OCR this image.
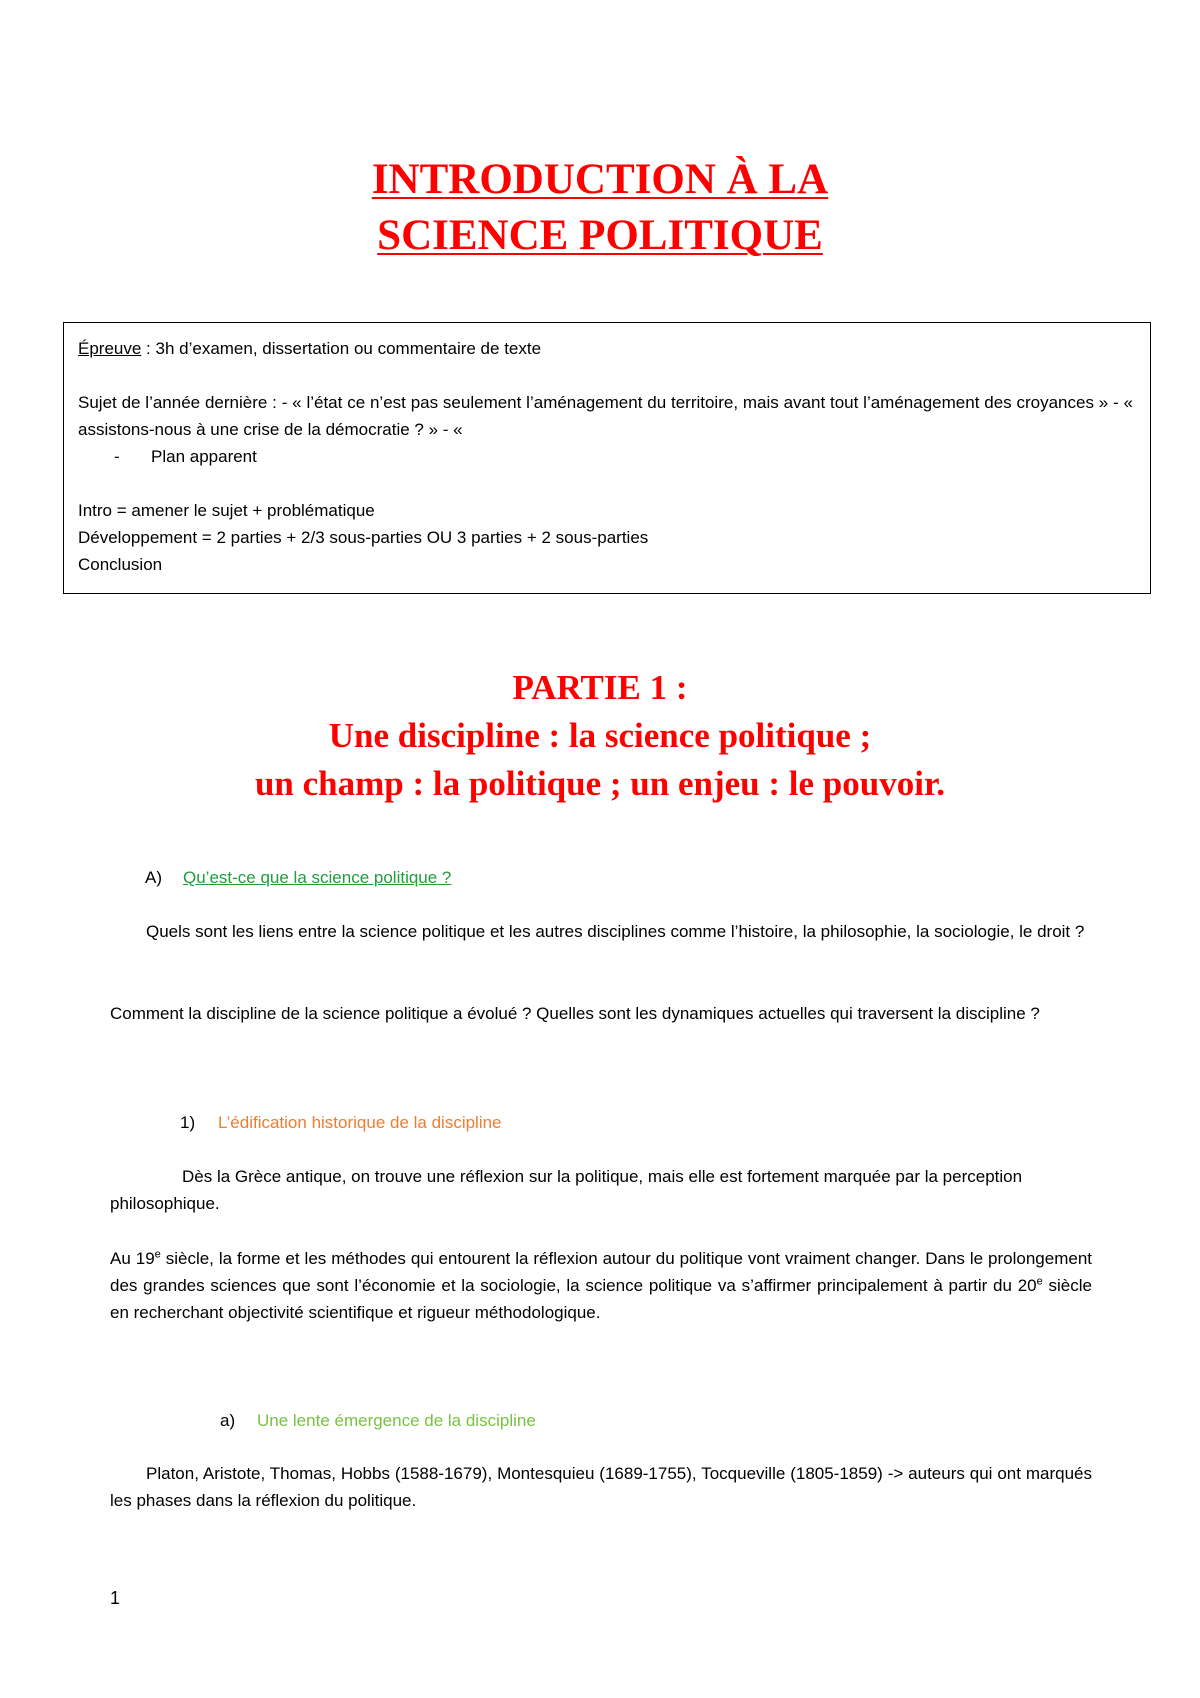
INTRODUCTION À LA
SCIENCE POLITIQUE

Épreuve : 3h d’examen, dissertation ou commentaire de texte

Sujet de l’année dernière : - « l’état ce n’est pas seulement l’aménagement du territoire, mais avant tout l’aménagement des croyances » - « assistons-nous à une crise de la démocratie ? » - «

- Plan apparent

Intro = amener le sujet + problématique

Développement = 2 parties + 2/3 sous-parties OU 3 parties + 2 sous-parties

Conclusion

PARTIE 1 :
Une discipline : la science politique ;
un champ : la politique ; un enjeu : le pouvoir.

A) Qu’est-ce que la science politique ?

Quels sont les liens entre la science politique et les autres disciplines comme l’histoire, la philosophie, la sociologie, le droit ?

Comment la discipline de la science politique a évolué ? Quelles sont les dynamiques actuelles qui traversent la discipline ?

1) L’édification historique de la discipline

Dès la Grèce antique, on trouve une réflexion sur la politique, mais elle est fortement marquée par la perception philosophique.

Au 19e siècle, la forme et les méthodes qui entourent la réflexion autour du politique vont vraiment changer. Dans le prolongement des grandes sciences que sont l’économie et la sociologie, la science politique va s’affirmer principalement à partir du 20e siècle en recherchant objectivité scientifique et rigueur méthodologique.

a) Une lente émergence de la discipline

Platon, Aristote, Thomas, Hobbs (1588-1679), Montesquieu (1689-1755), Tocqueville (1805-1859) -> auteurs qui ont marqués les phases dans la réflexion du politique.

1
